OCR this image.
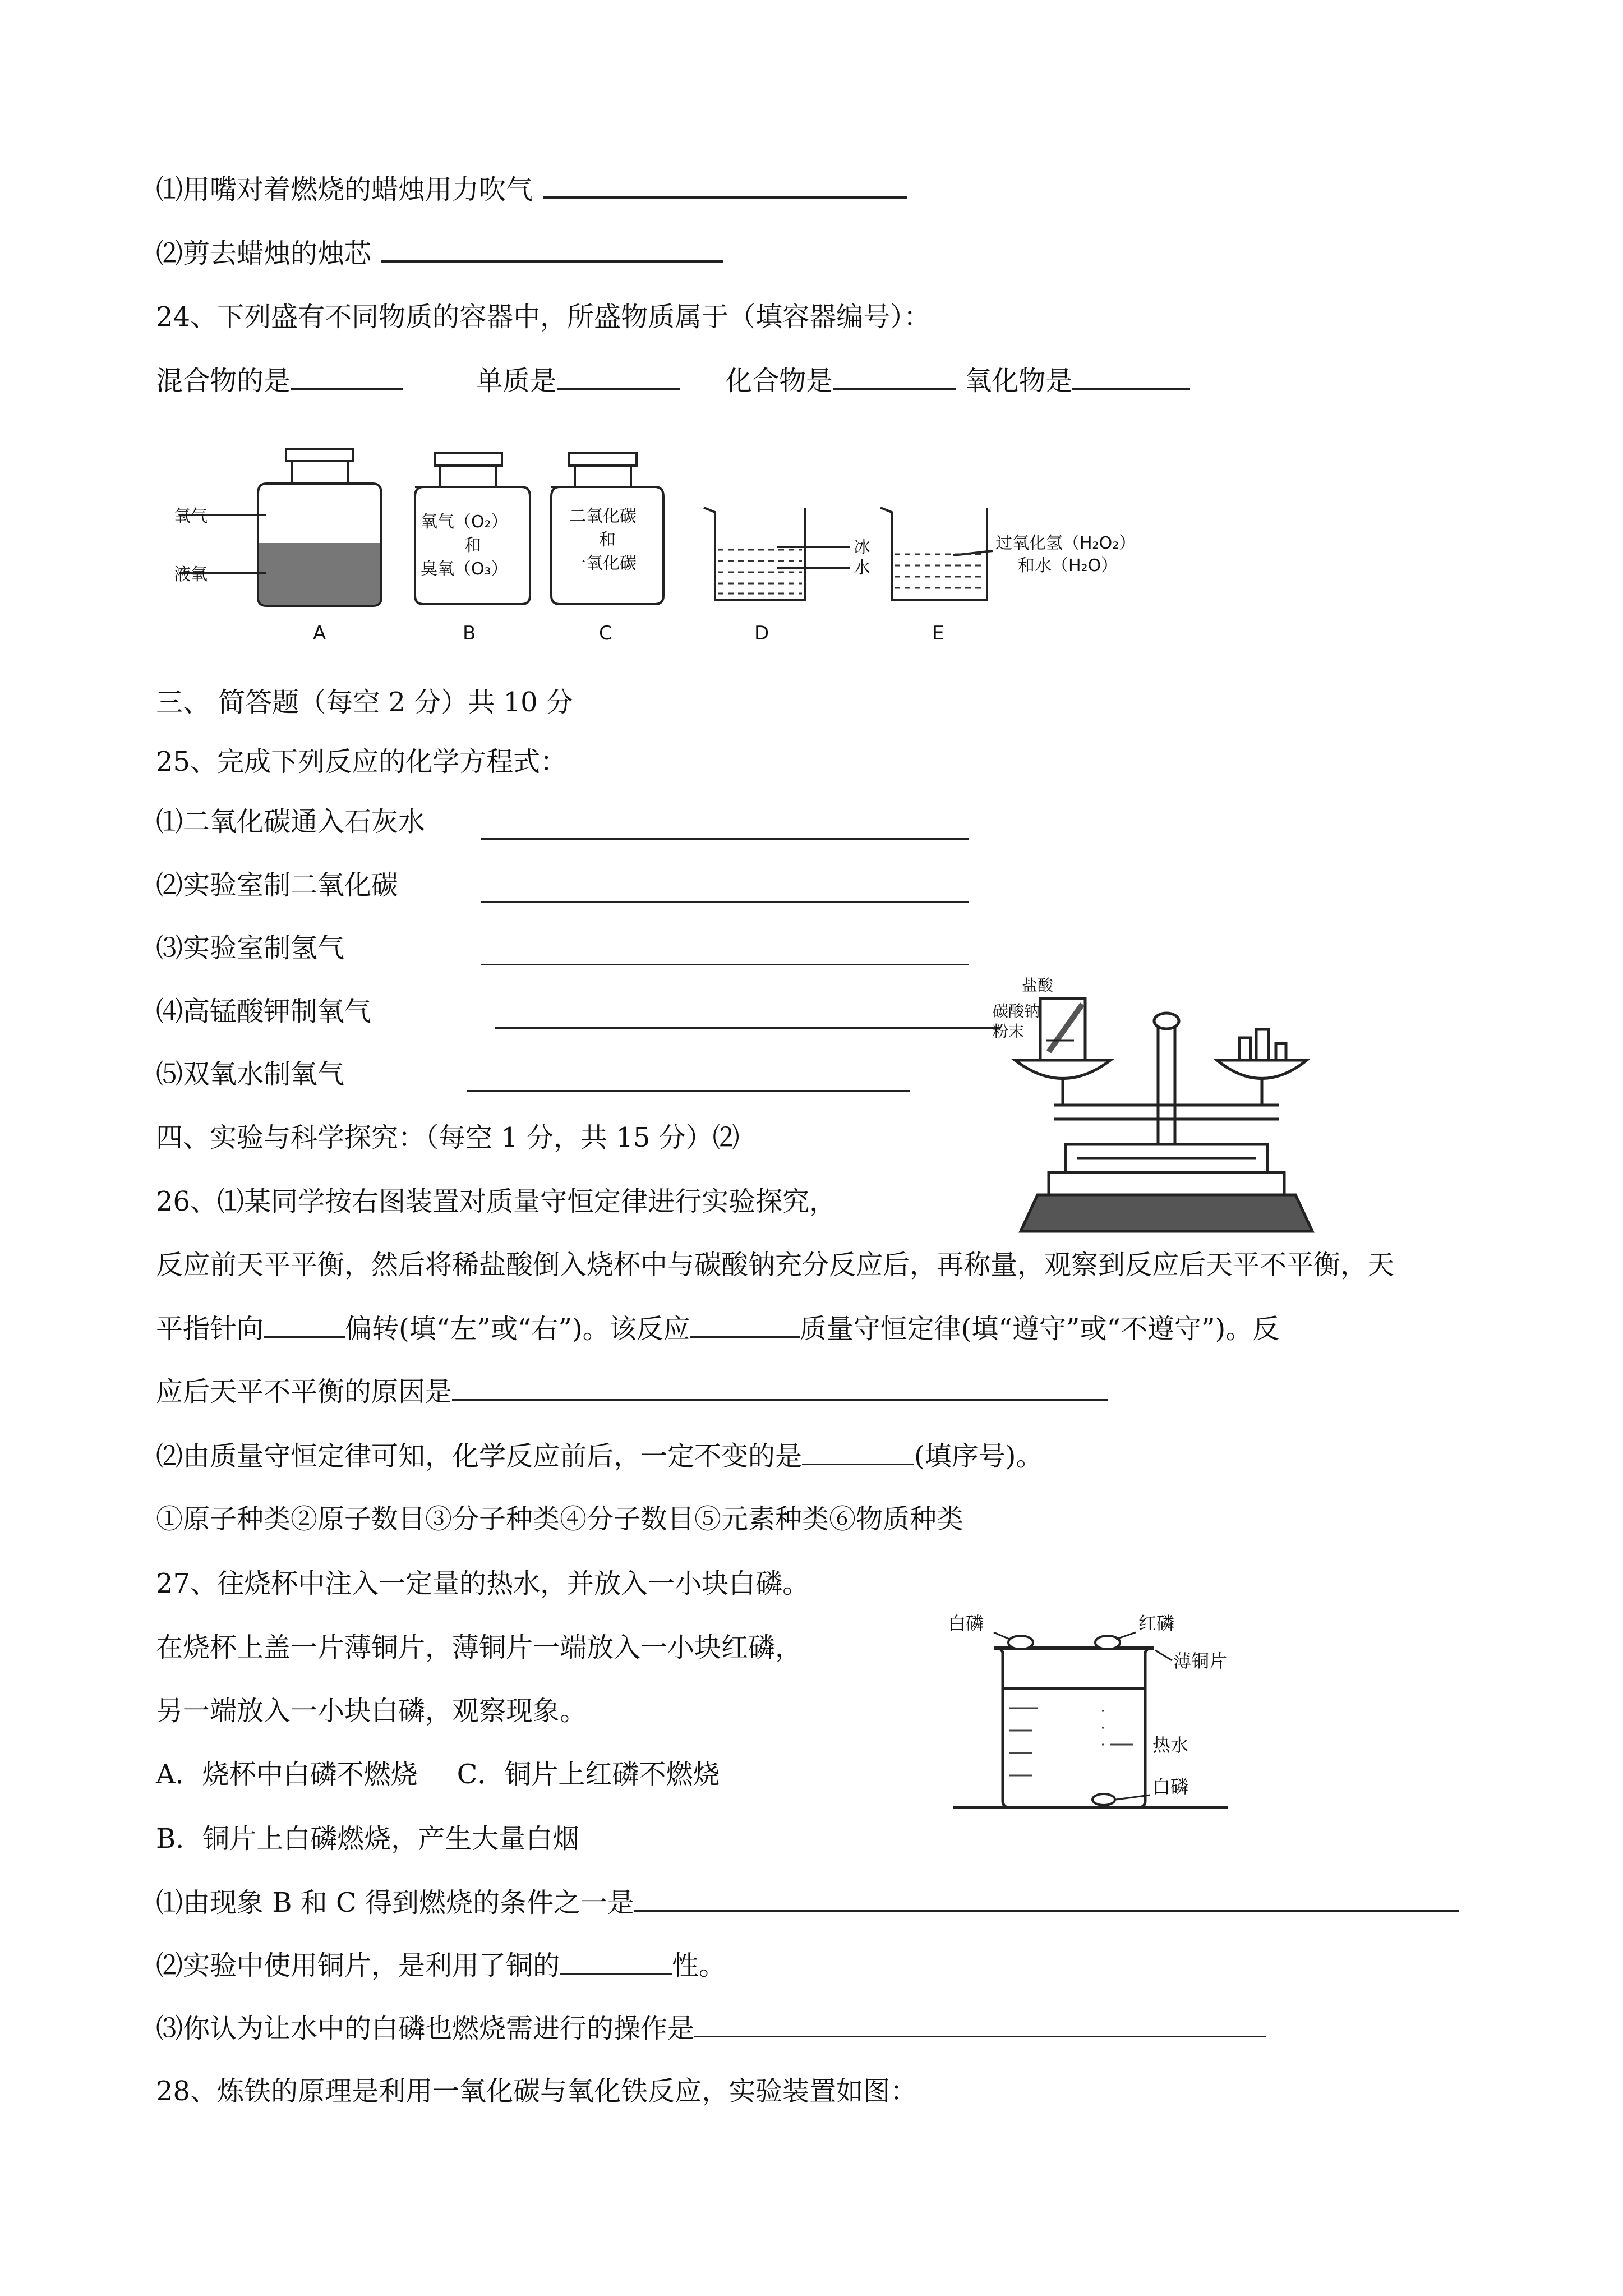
⑴用嘴对着燃烧的蜡烛用力吹气
⑵剪去蜡烛的烛芯
24、下列盛有不同物质的容器中，所盛物质属于（填容器编号）：
混合物的是	单质是	化合物是	氧化物是
氧气
液氧
氧气（O₂）
和
臭氧（O₃）
二氧化碳
和
一氧化碳
冰
水
过氧化氢（H₂O₂）
和水（H₂O）
A	B	C	D	E
三、 简答题（每空 2 分）共 10 分
25、完成下列反应的化学方程式：
⑴二氧化碳通入石灰水
⑵实验室制二氧化碳
⑶实验室制氢气
⑷高锰酸钾制氧气
⑸双氧水制氧气
盐酸
碳酸钠
粉末
四、实验与科学探究：（每空 1 分，共 15 分）⑵
26、⑴某同学按右图装置对质量守恒定律进行实验探究，
反应前天平平衡，然后将稀盐酸倒入烧杯中与碳酸钠充分反应后，再称量，观察到反应后天平不平衡，天
平指针向	偏转(填“左”或“右”)。该反应	质量守恒定律(填“遵守”或“不遵守”)。反
应后天平不平衡的原因是
⑵由质量守恒定律可知，化学反应前后，一定不变的是	(填序号)。
①原子种类②原子数目③分子种类④分子数目⑤元素种类⑥物质种类
27、往烧杯中注入一定量的热水，并放入一小块白磷。
在烧杯上盖一片薄铜片，薄铜片一端放入一小块红磷，
另一端放入一小块白磷，观察现象。
A．烧杯中白磷不燃烧 C．铜片上红磷不燃烧
B．铜片上白磷燃烧，产生大量白烟
白磷	红磷
薄铜片
热水
白磷
⑴由现象 B 和 C 得到燃烧的条件之一是
⑵实验中使用铜片，是利用了铜的	性。
⑶你认为让水中的白磷也燃烧需进行的操作是
28、炼铁的原理是利用一氧化碳与氧化铁反应，实验装置如图：
